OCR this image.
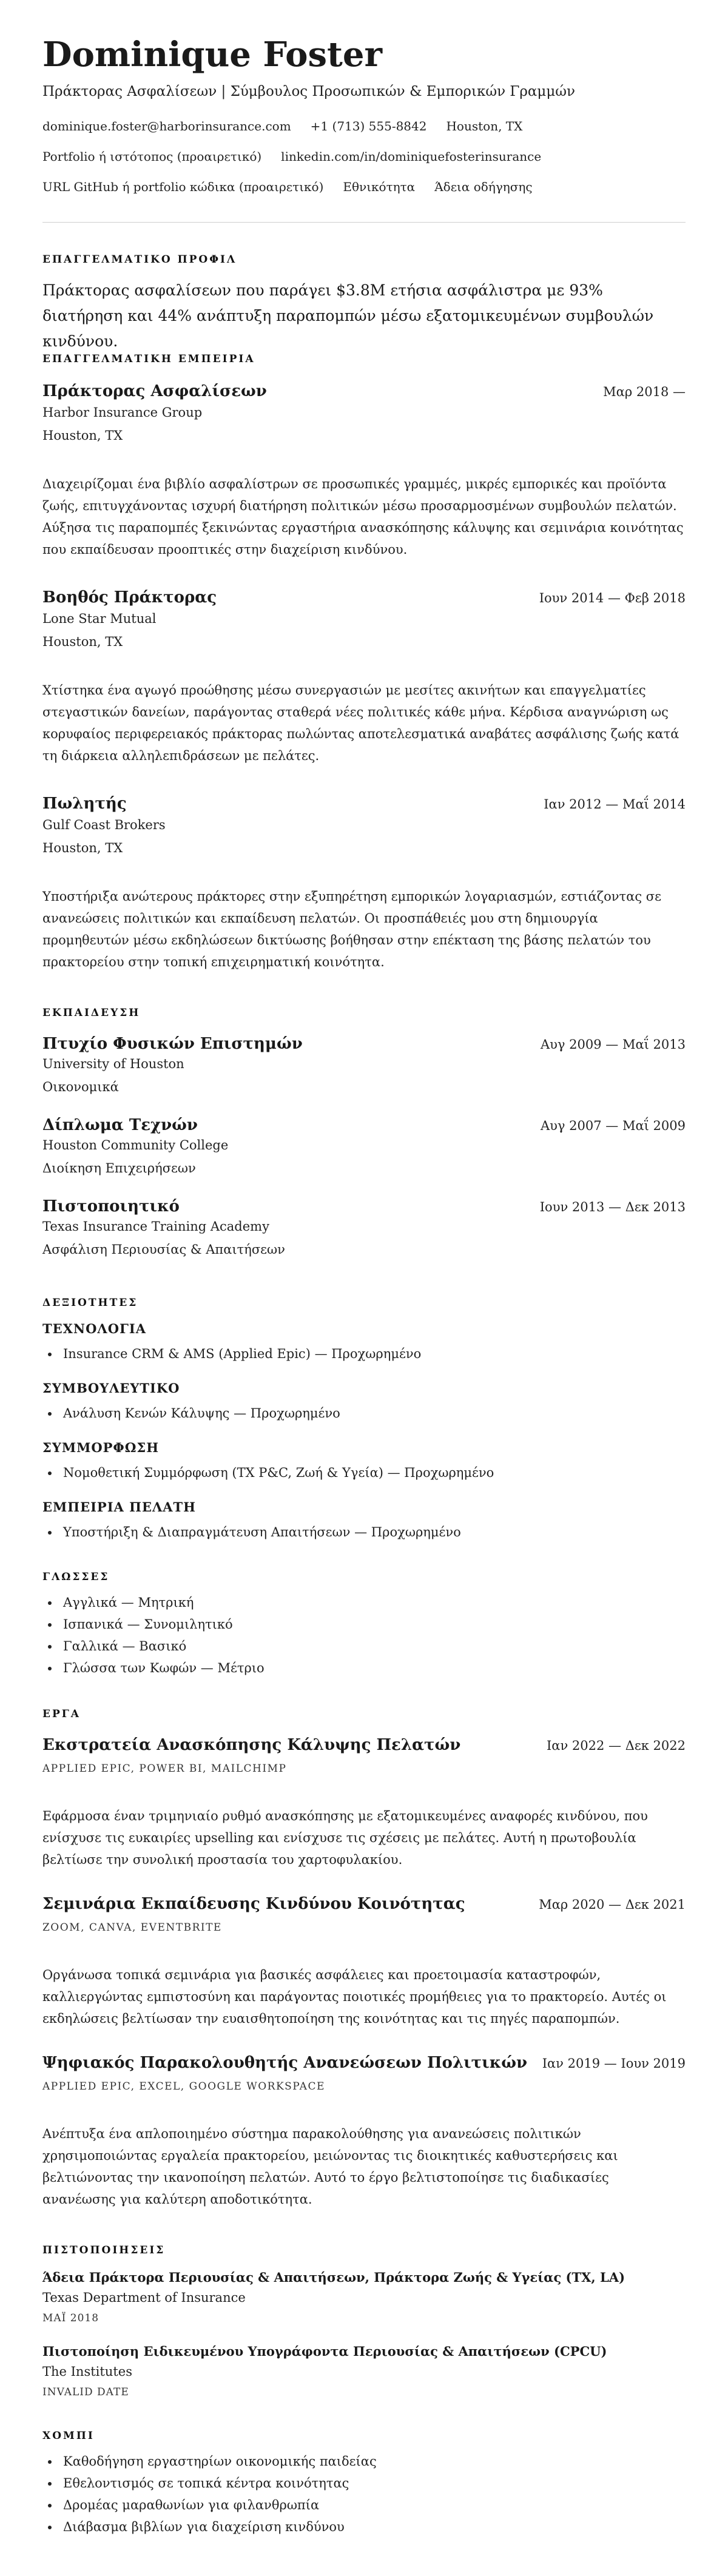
Dominique Foster
Πράκτορας Ασφαλίσεων | Σύμβουλος Προσωπικών & Εμπορικών Γραμμών
dominique.foster@harborinsurance.com +1 (713) 555-8842 Houston, TX
Portfolio ή ιστότοπος (προαιρετικό) linkedin.com/in/dominiquefosterinsurance
URL GitHub ή portfolio κώδικα (προαιρετικό) Εθνικότητα Άδεια οδήγησης
ΕΠΑΓΓΕΛΜΑΤΙΚΟ ΠΡΟΦΙΛ
Πράκτορας ασφαλίσεων που παράγει $3.8M ετήσια ασφάλιστρα με 93% διατήρηση και 44% ανάπτυξη παραπομπών μέσω εξατομικευμένων συμβουλών κινδύνου.
ΕΠΑΓΓΕΛΜΑΤΙΚΗ ΕΜΠΕΙΡΙΑ
Πράκτορας Ασφαλίσεων	Μαρ 2018 —
Harbor Insurance Group
Houston, TX
Διαχειρίζομαι ένα βιβλίο ασφαλίστρων σε προσωπικές γραμμές, μικρές εμπορικές και προϊόντα ζωής, επιτυγχάνοντας ισχυρή διατήρηση πολιτικών μέσω προσαρμοσμένων συμβουλών πελατών. Αύξησα τις παραπομπές ξεκινώντας εργαστήρια ανασκόπησης κάλυψης και σεμινάρια κοινότητας που εκπαίδευσαν προοπτικές στην διαχείριση κινδύνου.
Βοηθός Πράκτορας	Ιουν 2014 — Φεβ 2018
Lone Star Mutual
Houston, TX
Χτίστηκα ένα αγωγό προώθησης μέσω συνεργασιών με μεσίτες ακινήτων και επαγγελματίες στεγαστικών δανείων, παράγοντας σταθερά νέες πολιτικές κάθε μήνα. Κέρδισα αναγνώριση ως κορυφαίος περιφερειακός πράκτορας πωλώντας αποτελεσματικά αναβάτες ασφάλισης ζωής κατά τη διάρκεια αλληλεπιδράσεων με πελάτες.
Πωλητής	Ιαν 2012 — Μαΐ 2014
Gulf Coast Brokers
Houston, TX
Υποστήριξα ανώτερους πράκτορες στην εξυπηρέτηση εμπορικών λογαριασμών, εστιάζοντας σε ανανεώσεις πολιτικών και εκπαίδευση πελατών. Οι προσπάθειές μου στη δημιουργία προμηθευτών μέσω εκδηλώσεων δικτύωσης βοήθησαν στην επέκταση της βάσης πελατών του πρακτορείου στην τοπική επιχειρηματική κοινότητα.
ΕΚΠΑΙΔΕΥΣΗ
Πτυχίο Φυσικών Επιστημών	Αυγ 2009 — Μαΐ 2013
University of Houston
Οικονομικά
Δίπλωμα Τεχνών	Αυγ 2007 — Μαΐ 2009
Houston Community College
Διοίκηση Επιχειρήσεων
Πιστοποιητικό	Ιουν 2013 — Δεκ 2013
Texas Insurance Training Academy
Ασφάλιση Περιουσίας & Απαιτήσεων
ΔΕΞΙΟΤΗΤΕΣ
ΤΕΧΝΟΛΟΓΙΑ
• Insurance CRM & AMS (Applied Epic) — Προχωρημένο
ΣΥΜΒΟΥΛΕΥΤΙΚΟ
• Ανάλυση Κενών Κάλυψης — Προχωρημένο
ΣΥΜΜΟΡΦΩΣΗ
• Νομοθετική Συμμόρφωση (TX P&C, Ζωή & Υγεία) — Προχωρημένο
ΕΜΠΕΙΡΙΑ ΠΕΛΑΤΗ
• Υποστήριξη & Διαπραγμάτευση Απαιτήσεων — Προχωρημένο
ΓΛΩΣΣΕΣ
• Αγγλικά — Μητρική
• Ισπανικά — Συνομιλητικό
• Γαλλικά — Βασικό
• Γλώσσα των Κωφών — Μέτριο
ΕΡΓΑ
Εκστρατεία Ανασκόπησης Κάλυψης Πελατών	Ιαν 2022 — Δεκ 2022
APPLIED EPIC, POWER BI, MAILCHIMP
Εφάρμοσα έναν τριμηνιαίο ρυθμό ανασκόπησης με εξατομικευμένες αναφορές κινδύνου, που ενίσχυσε τις ευκαιρίες upselling και ενίσχυσε τις σχέσεις με πελάτες. Αυτή η πρωτοβουλία βελτίωσε την συνολική προστασία του χαρτοφυλακίου.
Σεμινάρια Εκπαίδευσης Κινδύνου Κοινότητας	Μαρ 2020 — Δεκ 2021
ZOOM, CANVA, EVENTBRITE
Οργάνωσα τοπικά σεμινάρια για βασικές ασφάλειες και προετοιμασία καταστροφών, καλλιεργώντας εμπιστοσύνη και παράγοντας ποιοτικές προμήθειες για το πρακτορείο. Αυτές οι εκδηλώσεις βελτίωσαν την ευαισθητοποίηση της κοινότητας και τις πηγές παραπομπών.
Ψηφιακός Παρακολουθητής Ανανεώσεων Πολιτικών Ιαν 2019 — Ιουν 2019
APPLIED EPIC, EXCEL, GOOGLE WORKSPACE
Ανέπτυξα ένα απλοποιημένο σύστημα παρακολούθησης για ανανεώσεις πολιτικών χρησιμοποιώντας εργαλεία πρακτορείου, μειώνοντας τις διοικητικές καθυστερήσεις και βελτιώνοντας την ικανοποίηση πελατών. Αυτό το έργο βελτιστοποίησε τις διαδικασίες ανανέωσης για καλύτερη αποδοτικότητα.
ΠΙΣΤΟΠΟΙΗΣΕΙΣ
Άδεια Πράκτορα Περιουσίας & Απαιτήσεων, Πράκτορα Ζωής & Υγείας (TX, LA)
Texas Department of Insurance
ΜΑΪ 2018
Πιστοποίηση Ειδικευμένου Υπογράφοντα Περιουσίας & Απαιτήσεων (CPCU)
The Institutes
INVALID DATE
ΧΟΜΠΙ
• Καθοδήγηση εργαστηρίων οικονομικής παιδείας
• Εθελοντισμός σε τοπικά κέντρα κοινότητας
• Δρομέας μαραθωνίων για φιλανθρωπία
• Διάβασμα βιβλίων για διαχείριση κινδύνου
